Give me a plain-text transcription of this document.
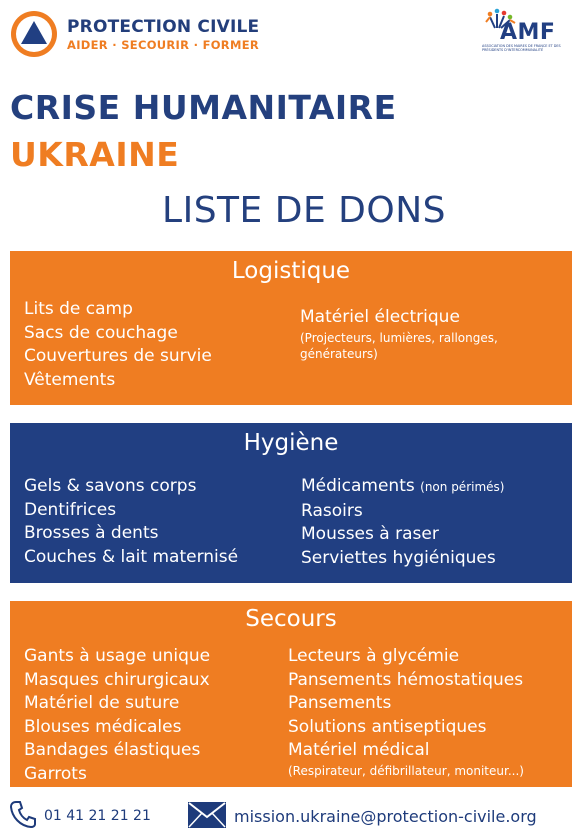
PROTECTION CIVILE
AIDER · SECOURIR · FORMER	AMF
ASSOCIATION DES MAIRES DE FRANCE ET DES PRÉSIDENTS D'INTERCOMMUNALITÉ
CRISE HUMANITAIRE
UKRAINE
LISTE DE DONS
Logistique
Lits de camp
Sacs de couchage
Couvertures de survie
Vêtements
Matériel électrique
(Projecteurs, lumières, rallonges, générateurs)
Hygiène
Gels & savons corps
Dentifrices
Brosses à dents
Couches & lait maternisé
Médicaments (non périmés)
Rasoirs
Mousses à raser
Serviettes hygiéniques
Secours
Gants à usage unique
Masques chirurgicaux
Matériel de suture
Blouses médicales
Bandages élastiques
Garrots
Lecteurs à glycémie
Pansements hémostatiques
Pansements
Solutions antiseptiques
Matériel médical
(Respirateur, défibrillateur, moniteur...)
01 41 21 21 21	mission.ukraine@protection-civile.org
